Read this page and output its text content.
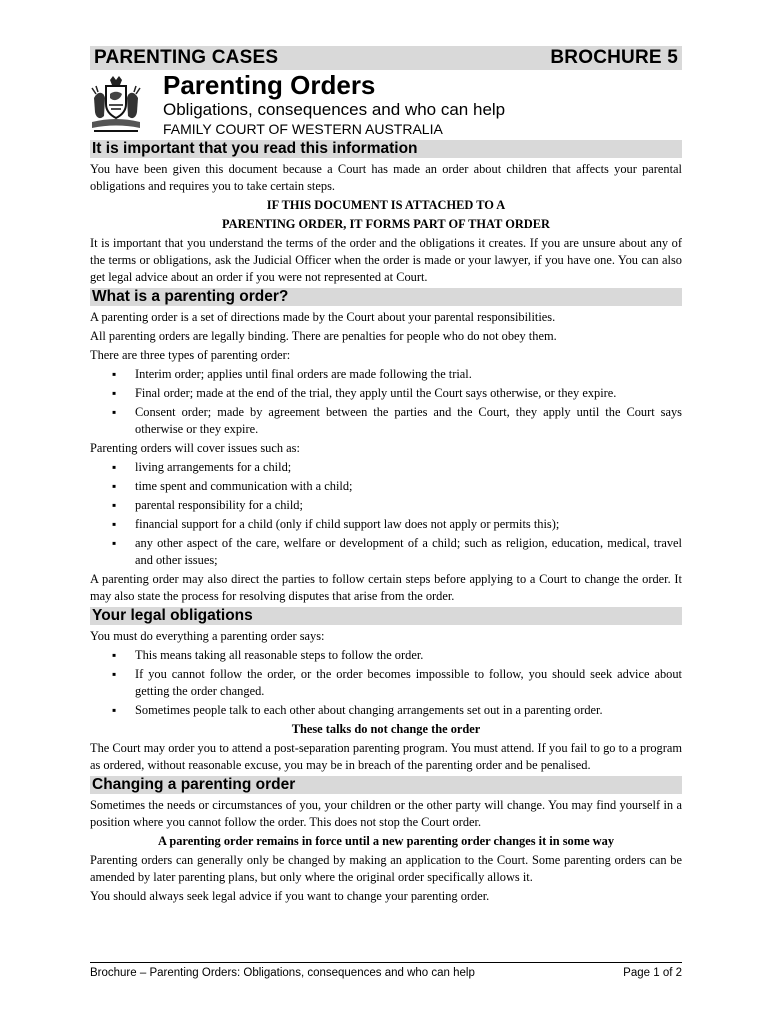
PARENTING CASES	BROCHURE 5
Parenting Orders
Obligations, consequences and who can help
FAMILY COURT OF WESTERN AUSTRALIA
It is important that you read this information

You have been given this document because a Court has made an order about children that affects your parental obligations and requires you to take certain steps.

IF THIS DOCUMENT IS ATTACHED TO A

PARENTING ORDER, IT FORMS PART OF THAT ORDER

It is important that you understand the terms of the order and the obligations it creates. If you are unsure about any of the terms or obligations, ask the Judicial Officer when the order is made or your lawyer, if you have one. You can also get legal advice about an order if you were not represented at Court.

What is a parenting order?

A parenting order is a set of directions made by the Court about your parental responsibilities.

All parenting orders are legally binding. There are penalties for people who do not obey them.

There are three types of parenting order:

▪ Interim order; applies until final orders are made following the trial.
▪ Final order; made at the end of the trial, they apply until the Court says otherwise, or they expire.
▪ Consent order; made by agreement between the parties and the Court, they apply until the Court says otherwise or they expire.

Parenting orders will cover issues such as:

▪ living arrangements for a child;
▪ time spent and communication with a child;
▪ parental responsibility for a child;
▪ financial support for a child (only if child support law does not apply or permits this);
▪ any other aspect of the care, welfare or development of a child; such as religion, education, medical, travel and other issues;

A parenting order may also direct the parties to follow certain steps before applying to a Court to change the order. It may also state the process for resolving disputes that arise from the order.

Your legal obligations

You must do everything a parenting order says:

▪ This means taking all reasonable steps to follow the order.
▪ If you cannot follow the order, or the order becomes impossible to follow, you should seek advice about getting the order changed.
▪ Sometimes people talk to each other about changing arrangements set out in a parenting order.

These talks do not change the order

The Court may order you to attend a post-separation parenting program. You must attend. If you fail to go to a program as ordered, without reasonable excuse, you may be in breach of the parenting order and be penalised.

Changing a parenting order

Sometimes the needs or circumstances of you, your children or the other party will change. You may find yourself in a position where you cannot follow the order. This does not stop the Court order.

A parenting order remains in force until a new parenting order changes it in some way

Parenting orders can generally only be changed by making an application to the Court. Some parenting orders can be amended by later parenting plans, but only where the original order specifically allows it.

You should always seek legal advice if you want to change your parenting order.

Brochure – Parenting Orders: Obligations, consequences and who can help	Page 1 of 2
